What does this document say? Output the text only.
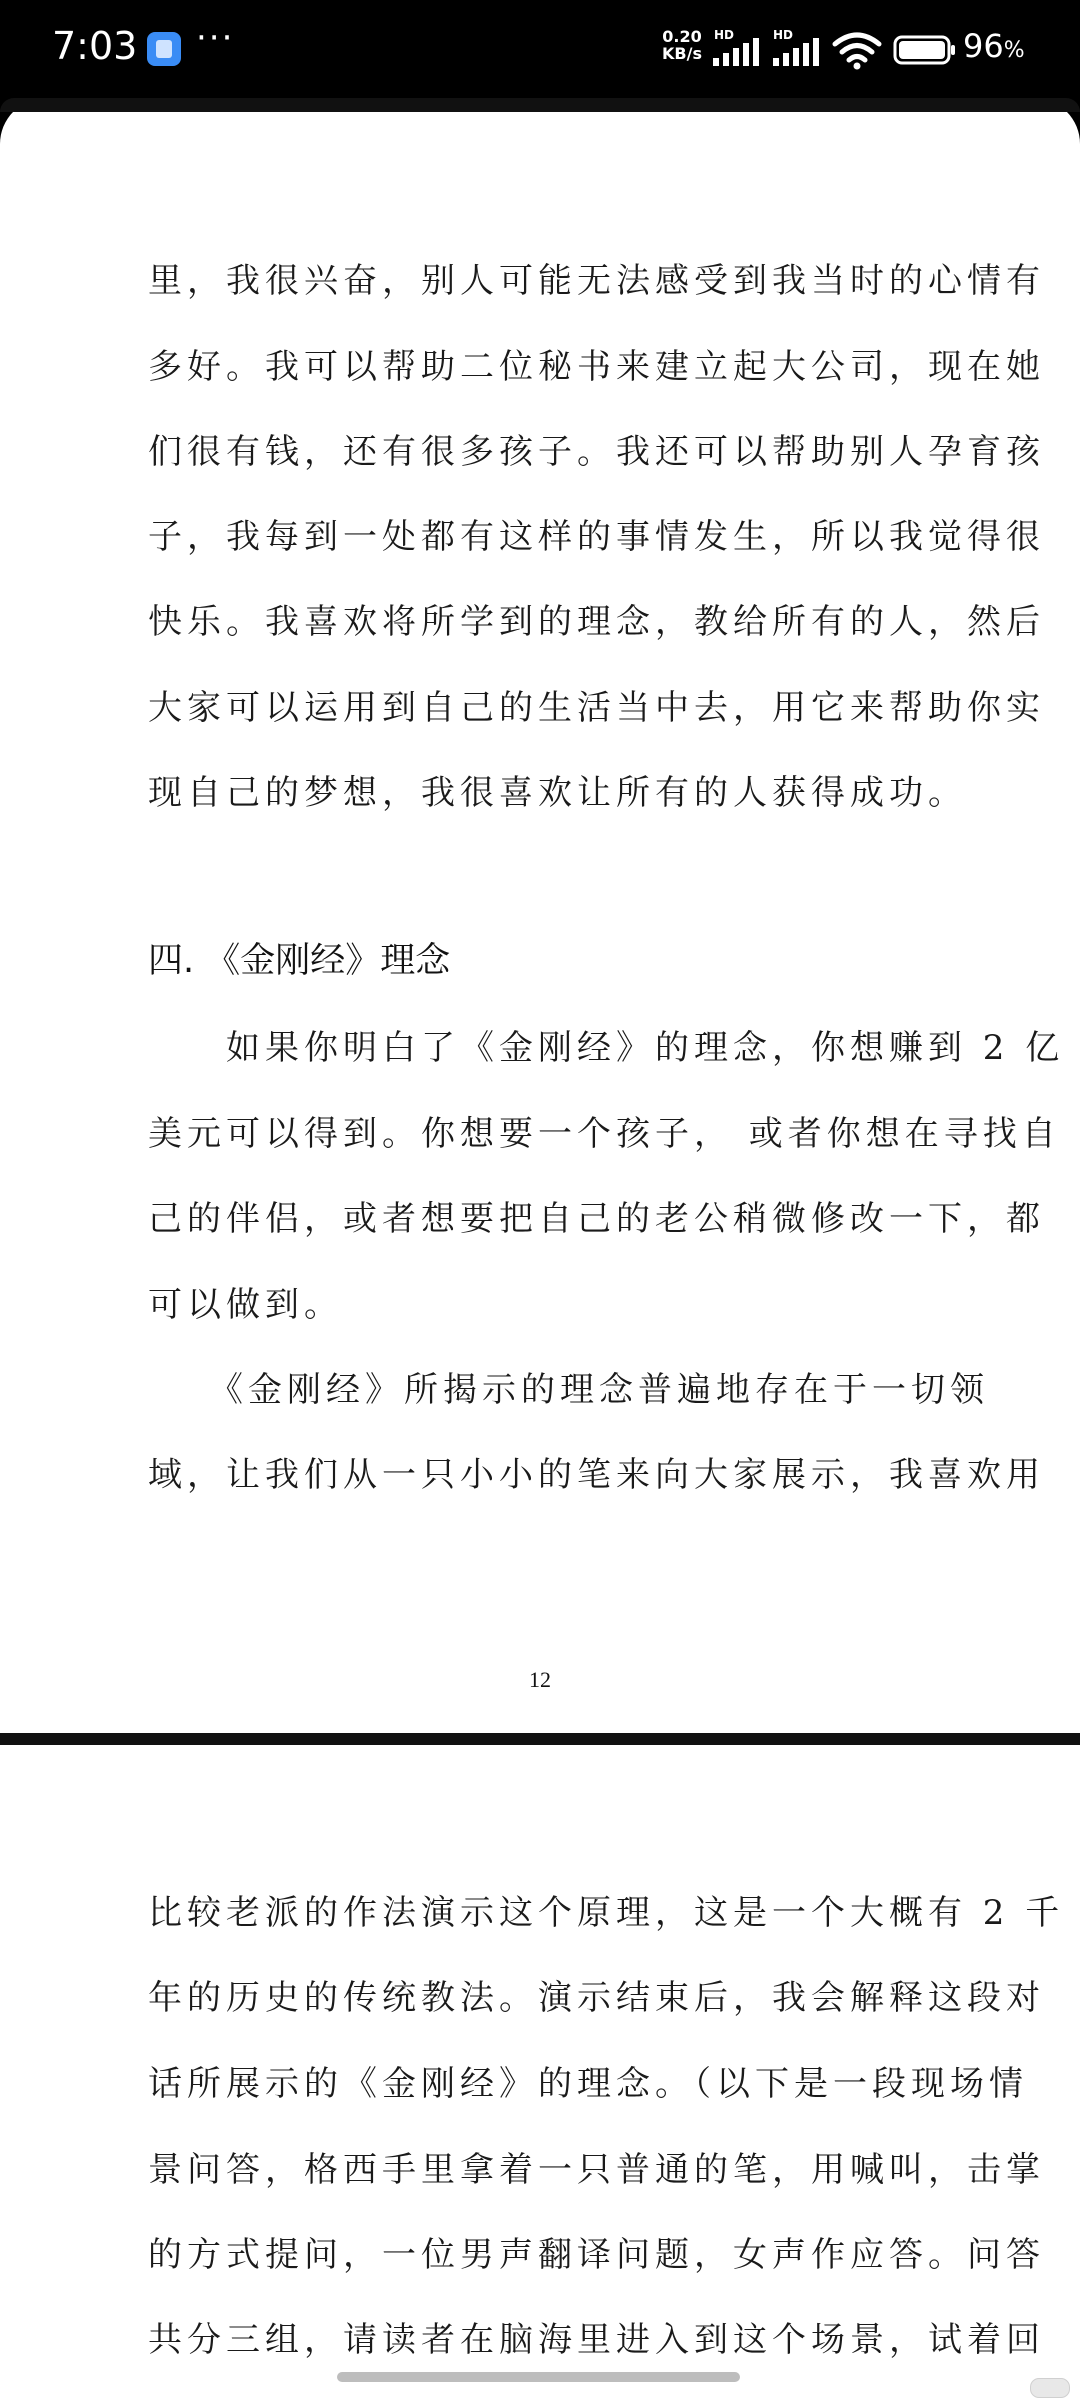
7:03 ···	0.20
KB/s
HD	HD	96%
里，我很兴奋，别人可能无法感受到我当时的心情有
多好。我可以帮助二位秘书来建立起大公司，现在她
们很有钱，还有很多孩子。我还可以帮助别人孕育孩
子，我每到一处都有这样的事情发生，所以我觉得很
快乐。我喜欢将所学到的理念，教给所有的人，然后
大家可以运用到自己的生活当中去，用它来帮助你实
现自己的梦想，我很喜欢让所有的人获得成功。
四. 《金刚经》理念
　　如果你明白了《金刚经》的理念，你想赚到 2 亿
美元可以得到。你想要一个孩子， 或者你想在寻找自
己的伴侣，或者想要把自己的老公稍微修改一下，都
可以做到。
　　《金刚经》所揭示的理念普遍地存在于一切领
域，让我们从一只小小的笔来向大家展示，我喜欢用
12
比较老派的作法演示这个原理，这是一个大概有 2 千
年的历史的传统教法。演示结束后，我会解释这段对
话所展示的《金刚经》的理念。（以下是一段现场情
景问答，格西手里拿着一只普通的笔，用喊叫，击掌
的方式提问，一位男声翻译问题，女声作应答。问答
共分三组，请读者在脑海里进入到这个场景，试着回
